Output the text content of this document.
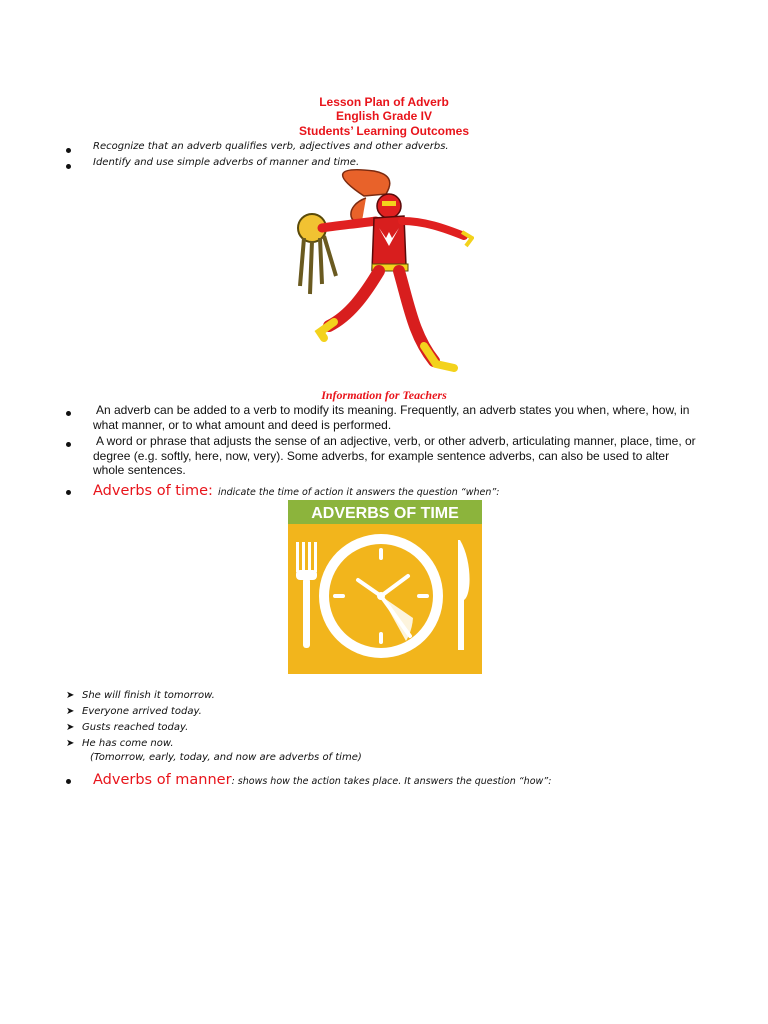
Lesson Plan of Adverb
English Grade IV
Students’ Learning Outcomes
Recognize that an adverb qualifies verb, adjectives and other adverbs.
Identify and use simple adverbs of manner and time.
Information for Teachers
An adverb can be added to a verb to modify its meaning. Frequently, an adverb states you when, where, how, in what manner, or to what amount and deed is performed.
A word or phrase that adjusts the sense of an adjective, verb, or other adverb, articulating manner, place, time, or degree (e.g. softly, here, now, very). Some adverbs, for example sentence adverbs, can also be used to alter whole sentences.
Adverbs of time: indicate the time of action it answers the question “when”:
ADVERBS OF TIME
➤ She will finish it tomorrow.
➤ Everyone arrived today.
➤ Gusts reached today.
➤ He has come now.
(Tomorrow, early, today, and now are adverbs of time)
Adverbs of manner : shows how the action takes place. It answers the question “how”:
